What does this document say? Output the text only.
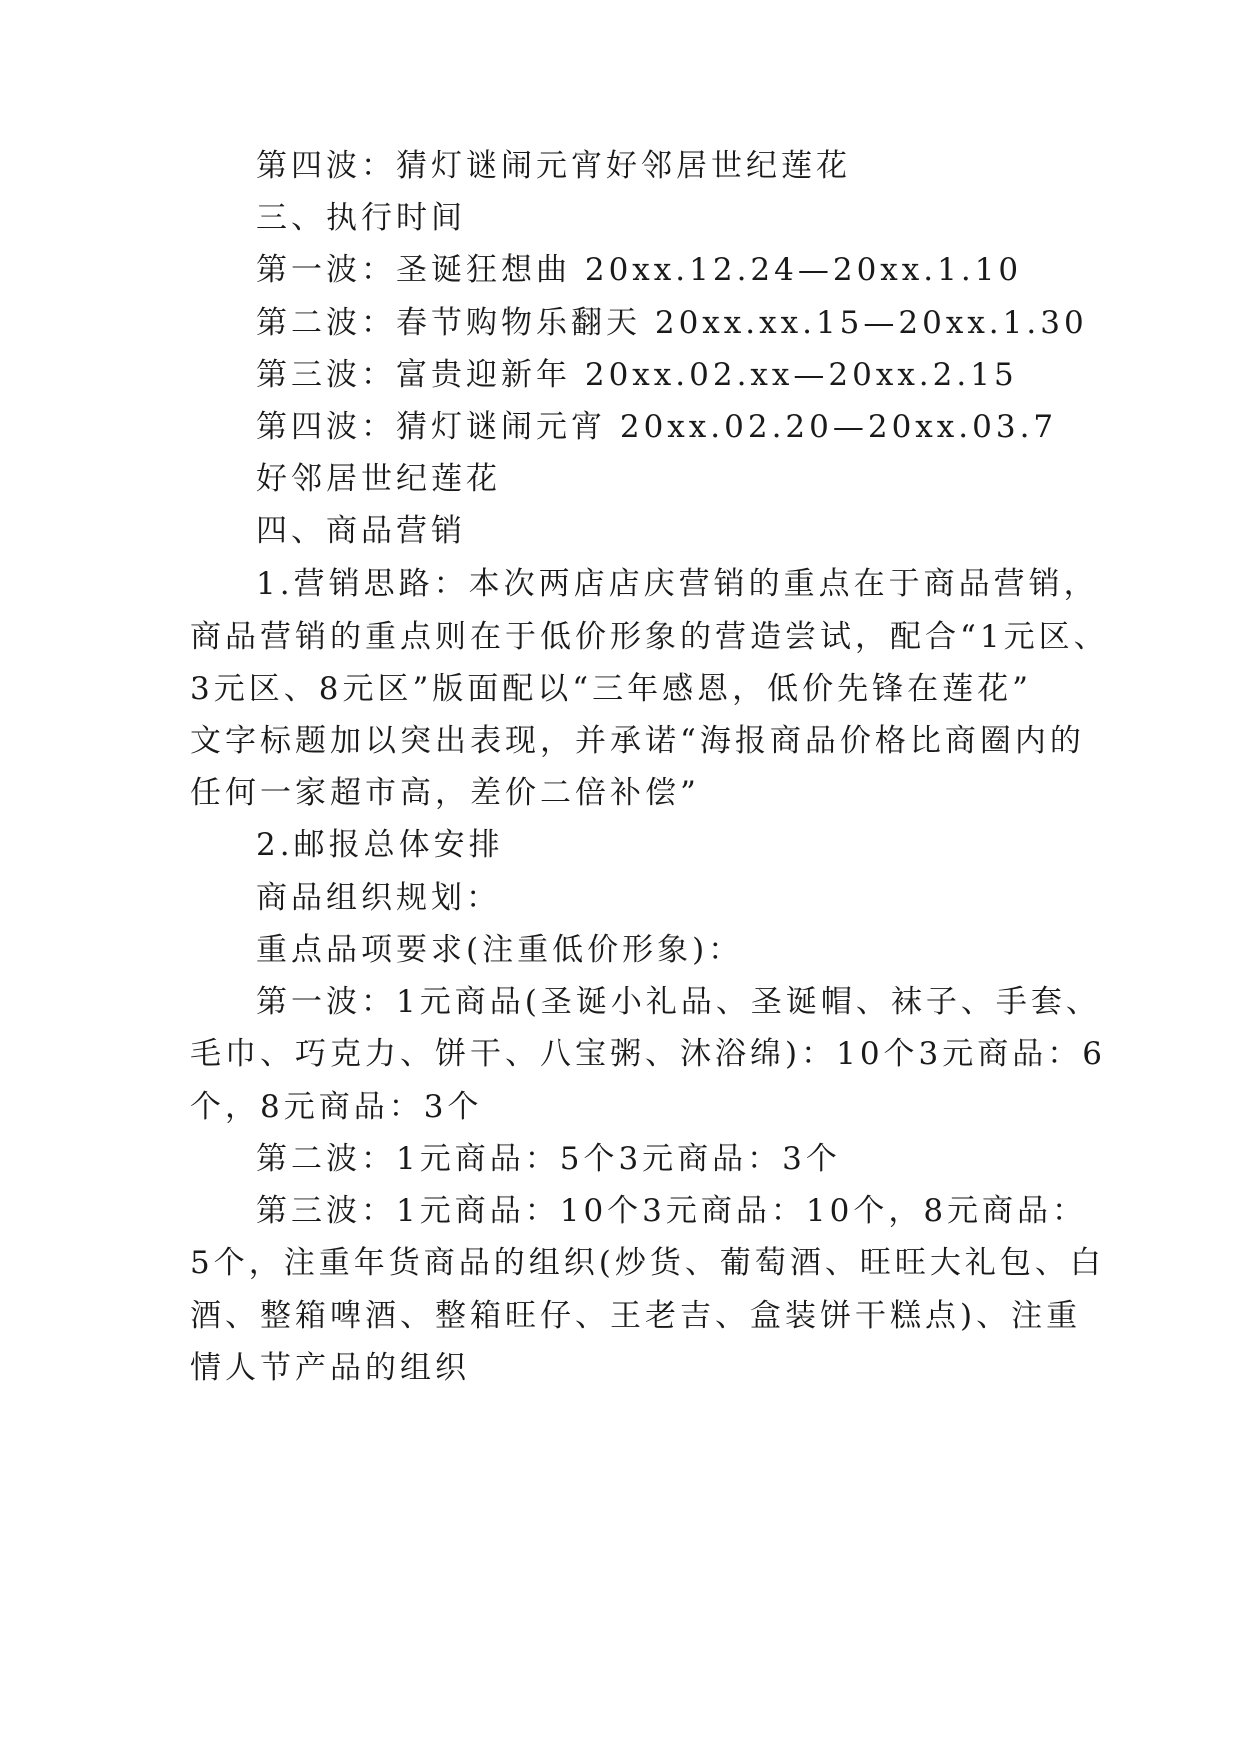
第四波：猜灯谜闹元宵好邻居世纪莲花
三、执行时间
第一波：圣诞狂想曲 20xx.12.24—20xx.1.10
第二波：春节购物乐翻天 20xx.xx.15—20xx.1.30
第三波：富贵迎新年 20xx.02.xx—20xx.2.15
第四波：猜灯谜闹元宵 20xx.02.20—20xx.03.7
好邻居世纪莲花
四、商品营销
1.营销思路：本次两店店庆营销的重点在于商品营销，
商品营销的重点则在于低价形象的营造尝试，配合“1元区、
3元区、8元区”版面配以“三年感恩，低价先锋在莲花”
文字标题加以突出表现，并承诺“海报商品价格比商圈内的
任何一家超市高，差价二倍补偿”
2.邮报总体安排
商品组织规划：
重点品项要求(注重低价形象)：
第一波：1元商品(圣诞小礼品、圣诞帽、袜子、手套、
毛巾、巧克力、饼干、八宝粥、沐浴绵)：10个3元商品：6
个，8元商品：3个
第二波：1元商品：5个3元商品：3个
第三波：1元商品：10个3元商品：10个，8元商品：
5个，注重年货商品的组织(炒货、葡萄酒、旺旺大礼包、白
酒、整箱啤酒、整箱旺仔、王老吉、盒装饼干糕点)、注重
情人节产品的组织
